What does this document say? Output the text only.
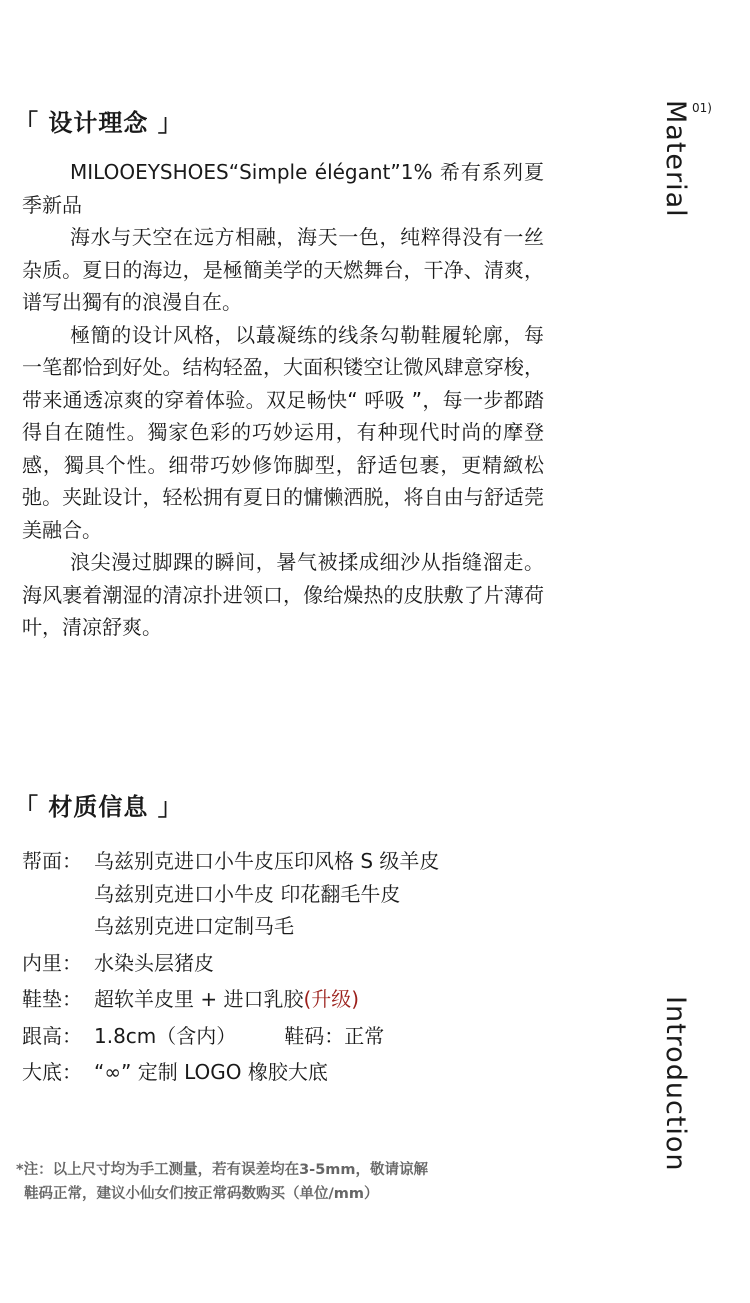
「 设计理念 」

MILOOEYSHOES“Simple élégant”1% 希有系列夏季新品

海水与天空在远方相融，海天一色，纯粹得没有一丝杂质。夏日的海边，是極簡美学的天燃舞台，干净、清爽，谱写出獨有的浪漫自在。

極簡的设计风格，以蕞凝练的线条勾勒鞋履轮廓，每一笔都恰到好处。结构轻盈，大面积镂空让微风肆意穿梭，带来通透凉爽的穿着体验。双足畅快“ 呼吸 ”，每一步都踏得自在随性。獨家色彩的巧妙运用，有种现代时尚的摩登感，獨具个性。细带巧妙修饰脚型，舒适包裹，更精緻松弛。夹趾设计，轻松拥有夏日的慵懒洒脱，将自由与舒适莞美融合。

浪尖漫过脚踝的瞬间，暑气被揉成细沙从指缝溜走。海风裹着潮湿的清凉扑进领口，像给燥热的皮肤敷了片薄荷叶，清凉舒爽。

「 材质信息 」
帮面： 乌兹别克进口小牛皮压印风格 S 级羊皮
乌兹别克进口小牛皮 印花翻毛牛皮
乌兹别克进口定制马毛
内里： 水染头层猪皮
鞋垫： 超软羊皮里 + 进口乳胶(升级)
跟高： 1.8cm（含内） 鞋码：正常
大底： “∞” 定制 LOGO 橡胶大底
*注：以上尺寸均为手工测量，若有误差均在3-5mm，敬请谅解
鞋码正常，建议小仙女们按正常码数购买（单位/mm）
Material 01)
Introduction
